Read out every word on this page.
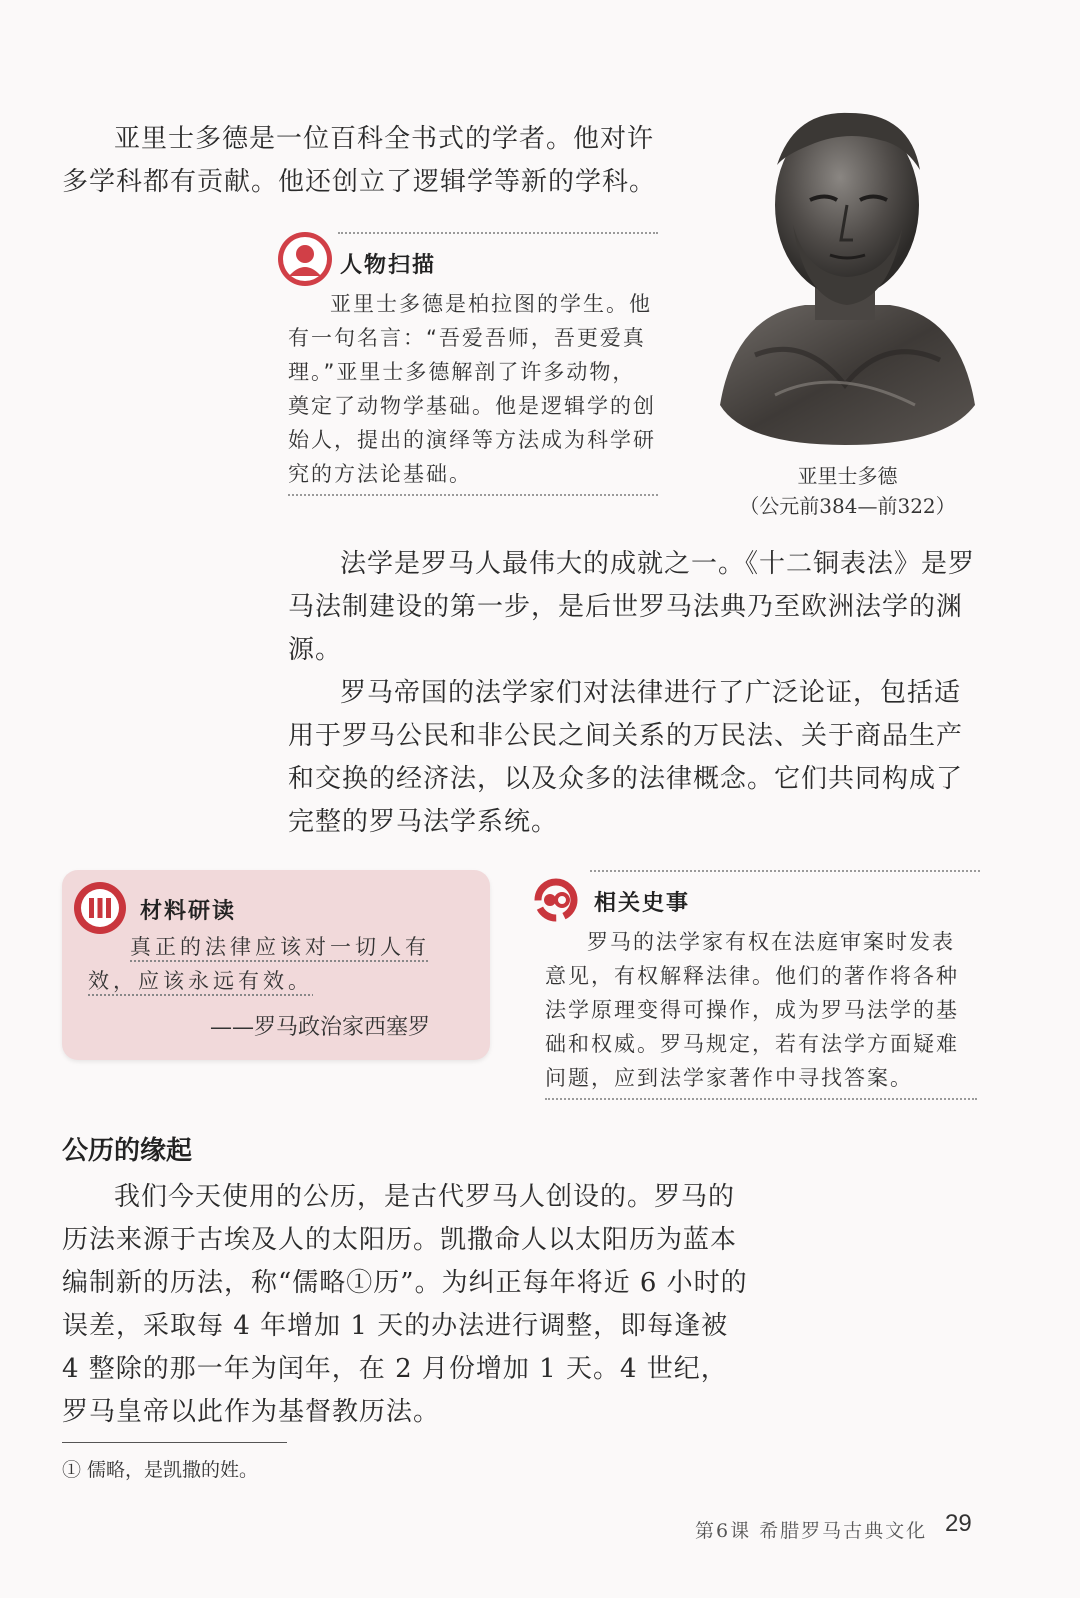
亚里士多德是一位百科全书式的学者。他对许多学科都有贡献。他还创立了逻辑学等新的学科。

人物扫描

亚里士多德是柏拉图的学生。他有一句名言：“吾爱吾师，吾更爱真理。”亚里士多德解剖了许多动物，奠定了动物学基础。他是逻辑学的创始人，提出的演绎等方法成为科学研究的方法论基础。	亚里士多德
（公元前384—前322）

法学是罗马人最伟大的成就之一。《十二铜表法》是罗马法制建设的第一步，是后世罗马法典乃至欧洲法学的渊源。

罗马帝国的法学家们对法律进行了广泛论证，包括适用于罗马公民和非公民之间关系的万民法、关于商品生产和交换的经济法，以及众多的法律概念。它们共同构成了完整的罗马法学系统。

材料研读

真正的法律应该对一切人有效，应该永远有效。

——罗马政治家西塞罗
相关史事

罗马的法学家有权在法庭审案时发表意见，有权解释法律。他们的著作将各种法学原理变得可操作，成为罗马法学的基础和权威。罗马规定，若有法学方面疑难问题，应到法学家著作中寻找答案。

公历的缘起

我们今天使用的公历，是古代罗马人创设的。罗马的历法来源于古埃及人的太阳历。凯撒命人以太阳历为蓝本编制新的历法，称“儒略①历”。为纠正每年将近 6 小时的误差，采取每 4 年增加 1 天的办法进行调整，即每逢被 4 整除的那一年为闰年，在 2 月份增加 1 天。4 世纪，罗马皇帝以此作为基督教历法。

① 儒略，是凯撒的姓。
第6课 希腊罗马古典文化 29
